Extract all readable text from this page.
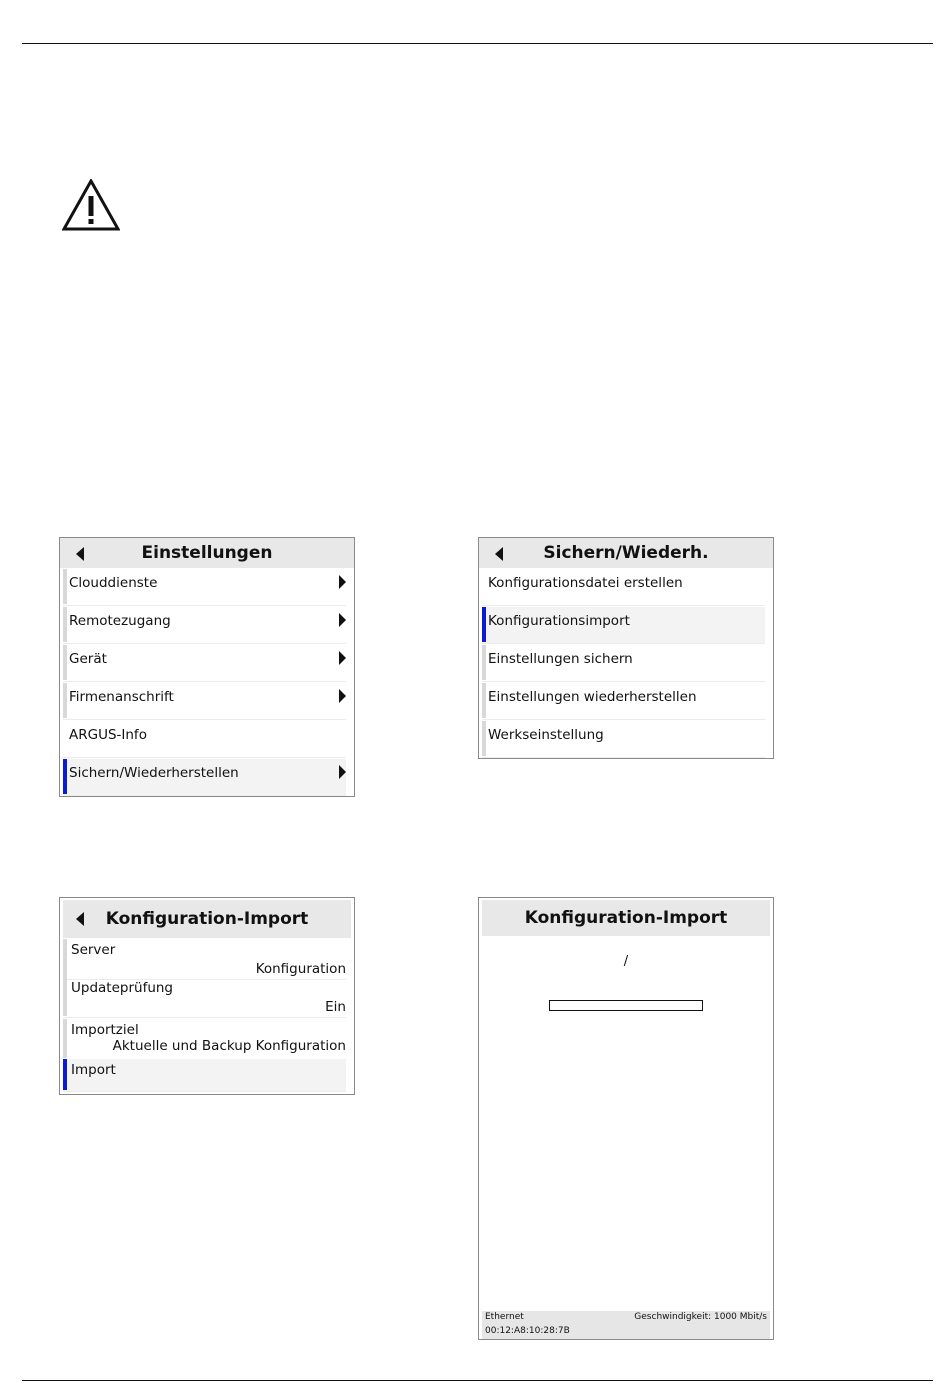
Einstellungen
Clouddienste
Remotezugang
Gerät
Firmenanschrift
ARGUS-Info
Sichern/Wiederherstellen
Sichern/Wiederh.
Konfigurationsdatei erstellen
Konfigurationsimport
Einstellungen sichern
Einstellungen wiederherstellen
Werkseinstellung
Konfiguration-Import
Server
Konfiguration
Updateprüfung
Ein
Importziel
Aktuelle und Backup Konfiguration
Import
Konfiguration-Import
/
Ethernet	Geschwindigkeit: 1000 Mbit/s
00:12:A8:10:28:7B
